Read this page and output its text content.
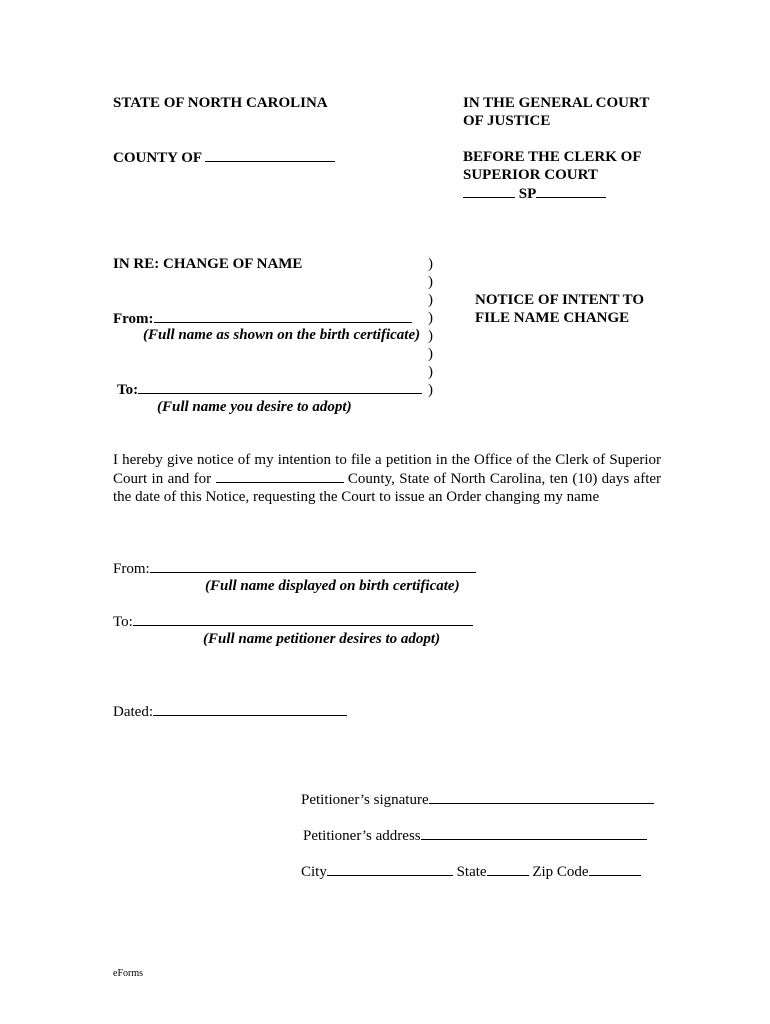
STATE OF NORTH CAROLINA
COUNTY OF
IN THE GENERAL COURT
OF JUSTICE
BEFORE THE CLERK OF
SUPERIOR COURT
SP
IN RE: CHANGE OF NAME
From:
(Full name as shown on the birth certificate)
To:
(Full name you desire to adopt)
)
)
)
)
)
)
)
)
NOTICE OF INTENT TO
FILE NAME CHANGE
I hereby give notice of my intention to file a petition in the Office of the Clerk of Superior Court in and for	County, State of North Carolina, ten (10) days after the date of this Notice, requesting the Court to issue an Order changing my name
From:
(Full name displayed on birth certificate)
To:
(Full name petitioner desires to adopt)
Dated:
Petitioner’s signature
Petitioner’s address
City	State	Zip Code
eForms
